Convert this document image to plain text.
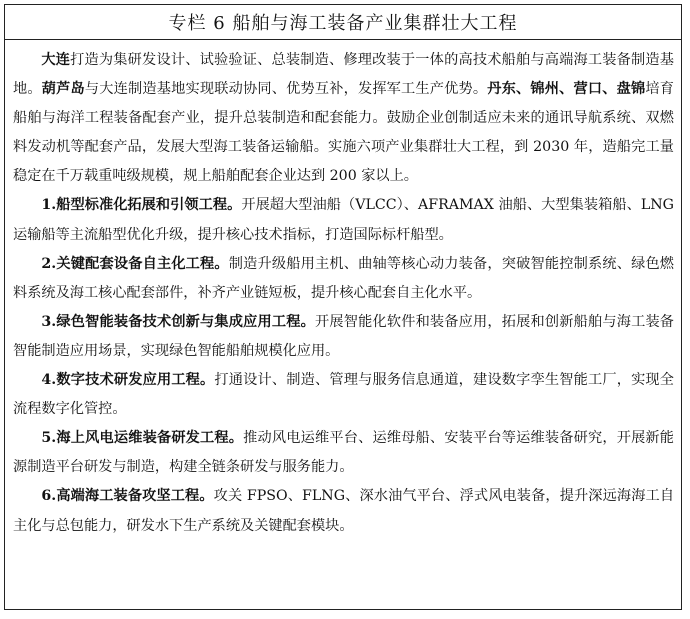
专栏 6 船舶与海工装备产业集群壮大工程

大连打造为集研发设计、试验验证、总装制造、修理改装于一体的高技术船舶与高端海工装备制造基地。葫芦岛与大连制造基地实现联动协同、优势互补，发挥军工生产优势。丹东、锦州、营口、盘锦培育船舶与海洋工程装备配套产业，提升总装制造和配套能力。鼓励企业创制适应未来的通讯导航系统、双燃料发动机等配套产品，发展大型海工装备运输船。实施六项产业集群壮大工程，到 2030 年，造船完工量稳定在千万载重吨级规模，规上船舶配套企业达到 200 家以上。

1.船型标准化拓展和引领工程。开展超大型油船（VLCC）、AFRAMAX 油船、大型集装箱船、LNG 运输船等主流船型优化升级，提升核心技术指标，打造国际标杆船型。

2.关键配套设备自主化工程。制造升级船用主机、曲轴等核心动力装备，突破智能控制系统、绿色燃料系统及海工核心配套部件，补齐产业链短板，提升核心配套自主化水平。

3.绿色智能装备技术创新与集成应用工程。开展智能化软件和装备应用，拓展和创新船舶与海工装备智能制造应用场景，实现绿色智能船舶规模化应用。

4.数字技术研发应用工程。打通设计、制造、管理与服务信息通道，建设数字孪生智能工厂，实现全流程数字化管控。

5.海上风电运维装备研发工程。推动风电运维平台、运维母船、安装平台等运维装备研究，开展新能源制造平台研发与制造，构建全链条研发与服务能力。

6.高端海工装备攻坚工程。攻关 FPSO、FLNG、深水油气平台、浮式风电装备，提升深远海海工自主化与总包能力，研发水下生产系统及关键配套模块。
